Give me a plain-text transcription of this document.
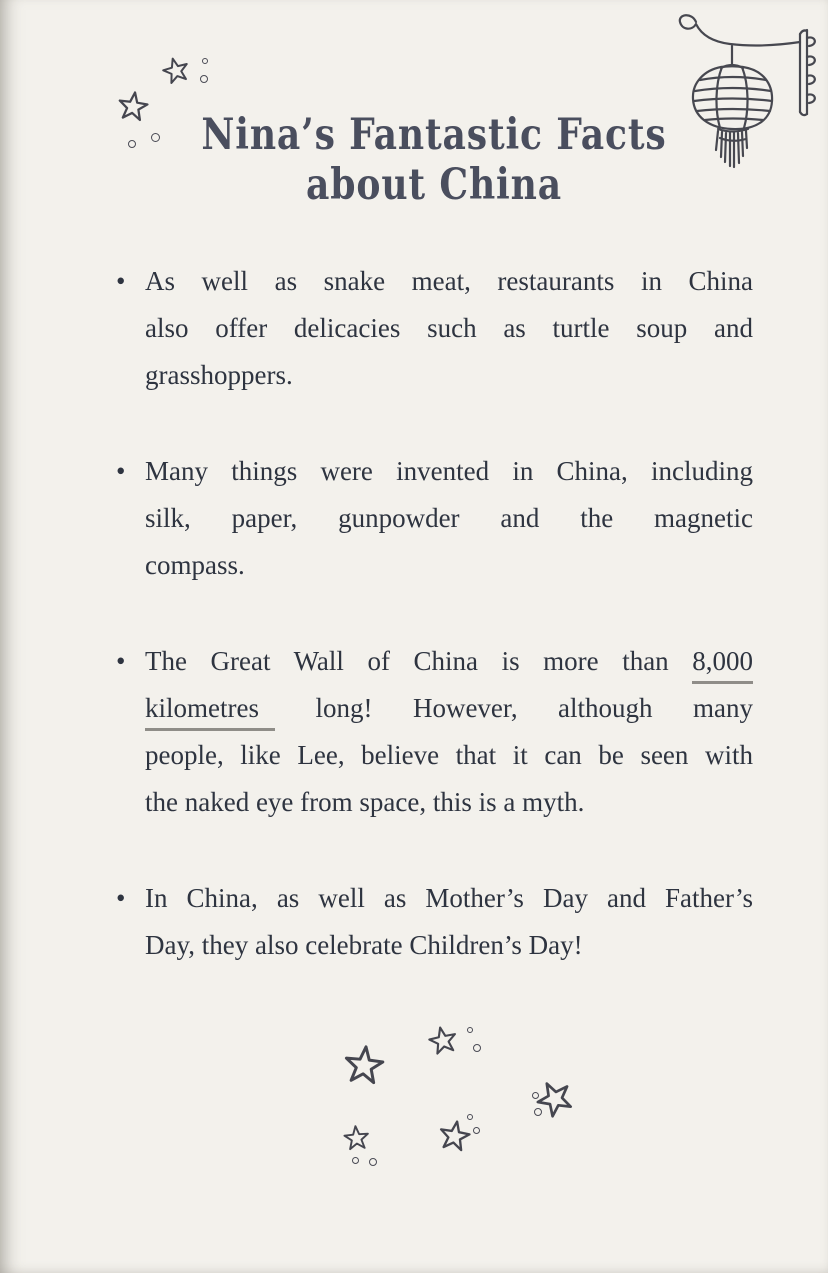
Nina’s Fantastic Facts
about China
• As well as snake meat, restaurants in China
also offer delicacies such as turtle soup and
grasshoppers.
• Many things were invented in China, including
silk, paper, gunpowder and the magnetic
compass.
• The Great Wall of China is more than 8,000
kilometres long! However, although many
people, like Lee, believe that it can be seen with
the naked eye from space, this is a myth.
• In China, as well as Mother’s Day and Father’s
Day, they also celebrate Children’s Day!
